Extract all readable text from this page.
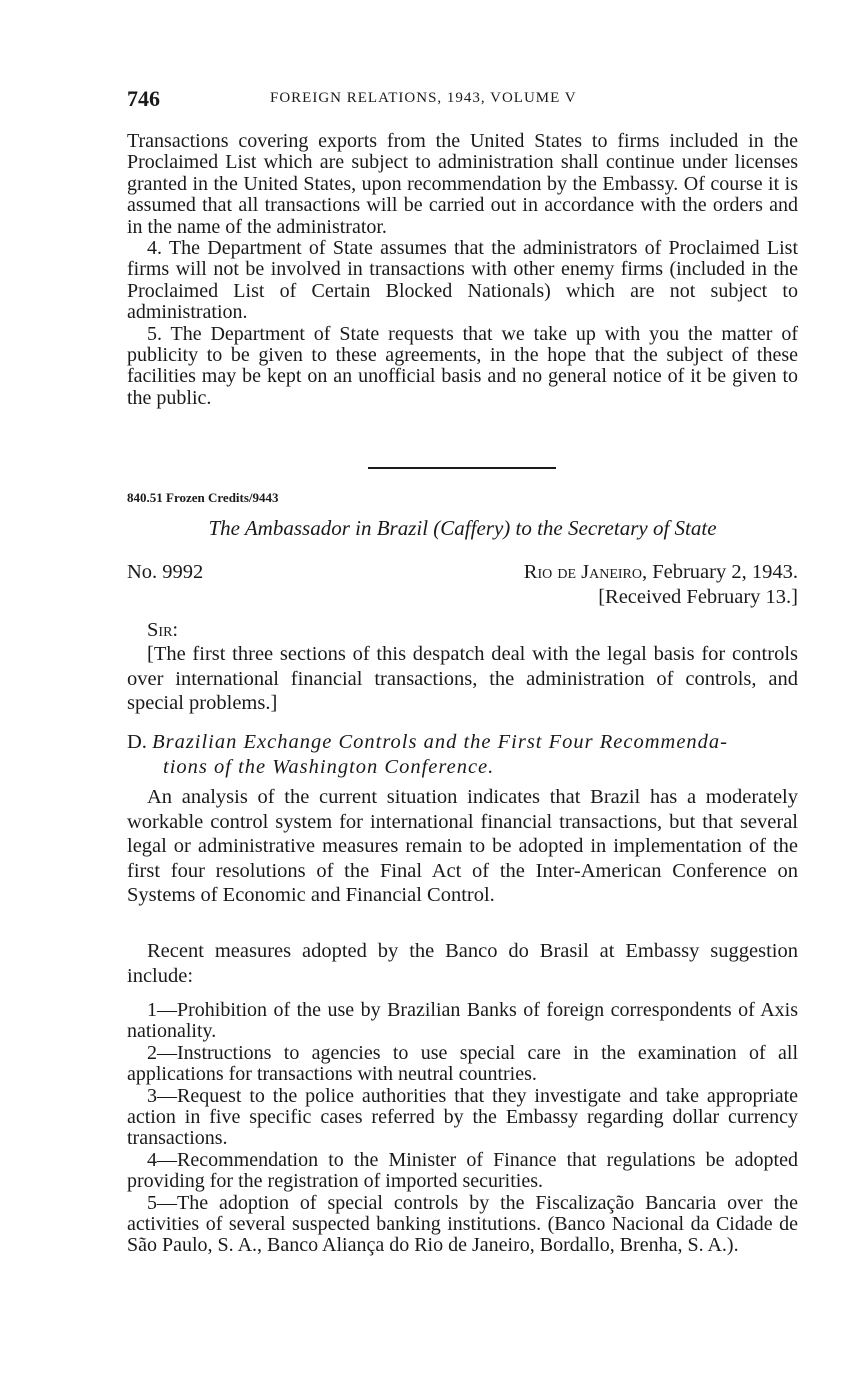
746	FOREIGN RELATIONS, 1943, VOLUME V

Transactions covering exports from the United States to firms included in the Proclaimed List which are subject to administration shall continue under licenses granted in the United States, upon recommendation by the Embassy. Of course it is assumed that all transactions will be carried out in accordance with the orders and in the name of the administrator.

4. The Department of State assumes that the administrators of Proclaimed List firms will not be involved in transactions with other enemy firms (included in the Proclaimed List of Certain Blocked Nationals) which are not subject to administration.

5. The Department of State requests that we take up with you the matter of publicity to be given to these agreements, in the hope that the subject of these facilities may be kept on an unofficial basis and no general notice of it be given to the public.

840.51 Frozen Credits/9443
The Ambassador in Brazil (Caffery) to the Secretary of State
No. 9992	Rio de Janeiro, February 2, 1943.
[Received February 13.]
Sir:

[The first three sections of this despatch deal with the legal basis for controls over international financial transactions, the administration of controls, and special problems.]

D. Brazilian Exchange Controls and the First Four Recommenda-
tions of the Washington Conference.

An analysis of the current situation indicates that Brazil has a moderately workable control system for international financial transactions, but that several legal or administrative measures remain to be adopted in implementation of the first four resolutions of the Final Act of the Inter-American Conference on Systems of Economic and Financial Control.

Recent measures adopted by the Banco do Brasil at Embassy suggestion include:

1—Prohibition of the use by Brazilian Banks of foreign correspondents of Axis nationality.

2—Instructions to agencies to use special care in the examination of all applications for transactions with neutral countries.

3—Request to the police authorities that they investigate and take appropriate action in five specific cases referred by the Embassy regarding dollar currency transactions.

4—Recommendation to the Minister of Finance that regulations be adopted providing for the registration of imported securities.

5—The adoption of special controls by the Fiscalização Bancaria over the activities of several suspected banking institutions. (Banco Nacional da Cidade de São Paulo, S. A., Banco Aliança do Rio de Janeiro, Bordallo, Brenha, S. A.).
